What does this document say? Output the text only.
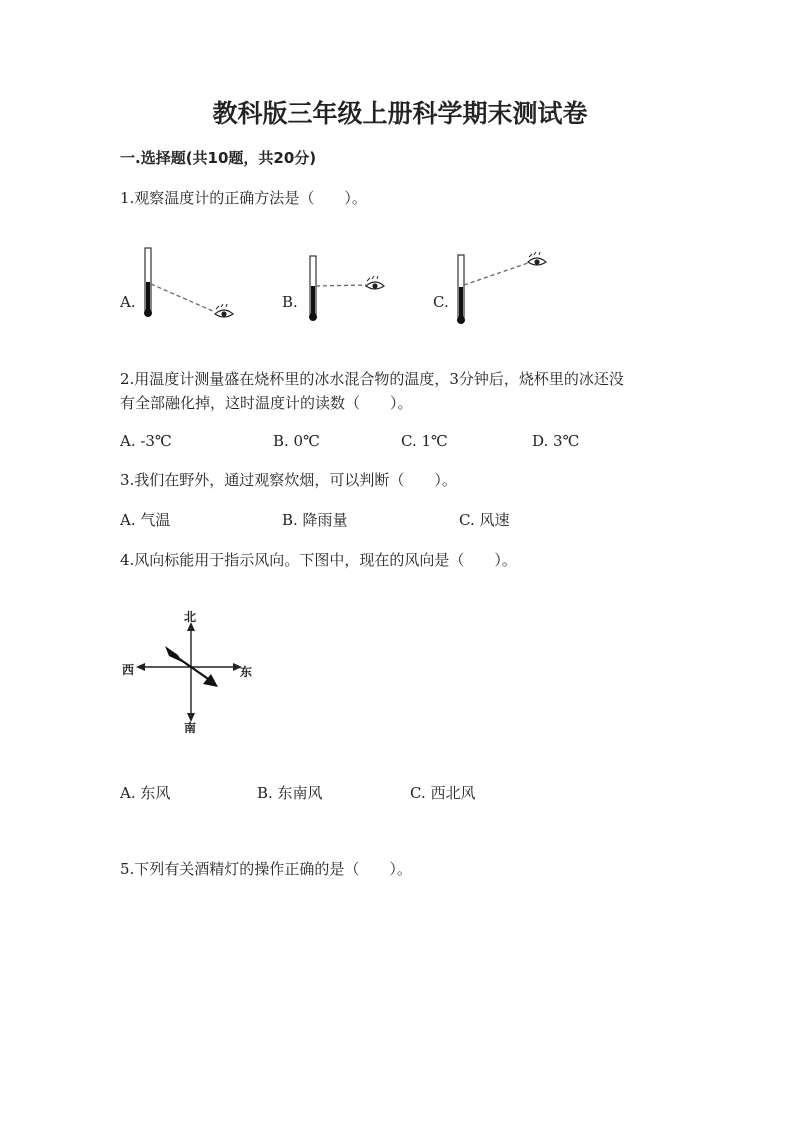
教科版三年级上册科学期末测试卷
一.选择题(共10题，共20分)
1.观察温度计的正确方法是（　　）。
A.	B.	C.
2.用温度计测量盛在烧杯里的冰水混合物的温度，3分钟后，烧杯里的冰还没
有全部融化掉，这时温度计的读数（　　）。
A. -3℃	B. 0℃	C. 1℃	D. 3℃
3.我们在野外，通过观察炊烟，可以判断（　　）。
A. 气温	B. 降雨量	C. 风速
4.风向标能用于指示风向。下图中，现在的风向是（　　）。
北
南
东
西
A. 东风	B. 东南风	C. 西北风
5.下列有关酒精灯的操作正确的是（　　）。
